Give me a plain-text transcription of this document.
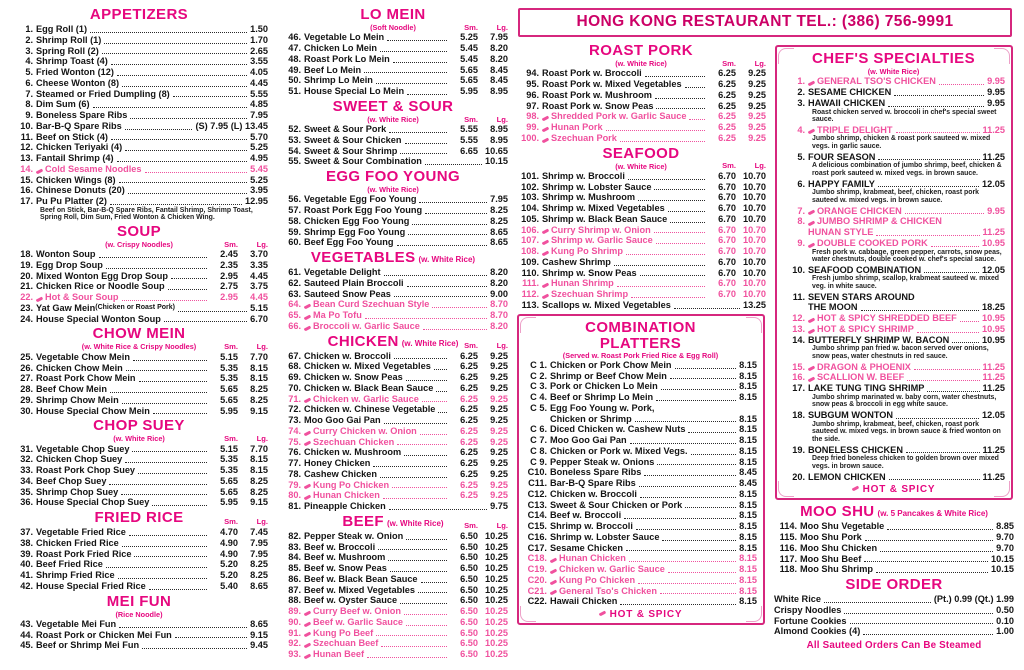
APPETIZERS
1. Egg Roll (1)	1.50
2. Shrimp Roll (1)	1.70
3. Spring Roll (2)	2.65
4. Shrimp Toast (4)	3.55
5. Fried Wonton (12)	4.05
6. Cheese Wonton (8)	4.45
7. Steamed or Fried Dumpling (8)	5.55
8. Dim Sum (6)	4.85
9. Boneless Spare Ribs	7.95
10. Bar-B-Q Spare Ribs	(S) 7.95 (L) 13.45
11. Beef on Stick (4)	5.70
12. Chicken Teriyaki (4)	5.25
13. Fantail Shrimp (4)	4.95
14. Cold Sesame Noodles	5.45
15. Chicken Wings (8)	5.25
16. Chinese Donuts (20)	3.95
17. Pu Pu Platter (2)	12.95
Beef on Stick, Bar-B-Q Spare Ribs, Fantail Shrimp, Shrimp Toast, Spring Roll, Dim Sum, Fried Wonton & Chicken Wing.
SOUP
(w. Crispy Noodles)	Sm. Lg.
18. Wonton Soup	2.45	3.70
19. Egg Drop Soup	2.35	3.35
20. Mixed Wonton Egg Drop Soup	2.95	4.45
21. Chicken Rice or Noodle Soup	2.75	3.75
22. Hot & Sour Soup	2.95	4.45
23. Yat Gaw Mein (Chicken or Roast Pork)	5.15
24. House Special Wonton Soup	6.70
CHOW MEIN
(w. White Rice & Crispy Noodles)	Sm. Lg.
25. Vegetable Chow Mein	5.15	7.70
26. Chicken Chow Mein	5.35	8.15
27. Roast Pork Chow Mein	5.35	8.15
28. Beef Chow Mein	5.65	8.25
29. Shrimp Chow Mein	5.65	8.25
30. House Special Chow Mein	5.95	9.15
CHOP SUEY
(w. White Rice)	Sm. Lg.
31. Vegetable Chop Suey	5.15	7.70
32. Chicken Chop Suey	5.35	8.15
33. Roast Pork Chop Suey	5.35	8.15
34. Beef Chop Suey	5.65	8.25
35. Shrimp Chop Suey	5.65	8.25
36. House Special Chop Suey	5.95	9.15
FRIED RICE	Sm. Lg.
37. Vegetable Fried Rice	4.70	7.45
38. Chicken Fried Rice	4.90	7.95
39. Roast Pork Fried Rice	4.90	7.95
40. Beef Fried Rice	5.20	8.25
41. Shrimp Fried Rice	5.20	8.25
42. House Special Fried Rice	5.40	8.65
MEI FUN
(Rice Noodle)
43. Vegetable Mei Fun	8.65
44. Roast Pork or Chicken Mei Fun	9.15
45. Beef or Shrimp Mei Fun	9.45
LO MEIN
(Soft Noodle)	Sm. Lg.
46. Vegetable Lo Mein	5.25	7.95
47. Chicken Lo Mein	5.45	8.20
48. Roast Pork Lo Mein	5.45	8.20
49. Beef Lo Mein	5.65	8.45
50. Shrimp Lo Mein	5.65	8.45
51. House Special Lo Mein	5.95	8.95
SWEET & SOUR
(w. White Rice)	Sm. Lg.
52. Sweet & Sour Pork	5.55	8.95
53. Sweet & Sour Chicken	5.55	8.95
54. Sweet & Sour Shrimp	6.65 10.65
55. Sweet & Sour Combination	10.15
EGG FOO YOUNG
(w. White Rice)
56. Vegetable Egg Foo Young	7.95
57. Roast Pork Egg Foo Young	8.25
58. Chicken Egg Foo Young	8.25
59. Shrimp Egg Foo Young	8.65
60. Beef Egg Foo Young	8.65
VEGETABLES (w. White Rice)
61. Vegetable Delight	8.20
62. Sauteed Plain Broccoli	8.20
63. Sauteed Snow Peas	9.00
64. Bean Curd Szechuan Style	8.70
65. Ma Po Tofu	8.70
66. Broccoli w. Garlic Sauce	8.20
CHICKEN (w. White Rice) Sm. Lg.
67. Chicken w. Broccoli	6.25	9.25
68. Chicken w. Mixed Vegetables	6.25	9.25
69. Chicken w. Snow Peas	6.25	9.25
70. Chicken w. Black Bean Sauce	6.25	9.25
71. Chicken w. Garlic Sauce	6.25	9.25
72. Chicken w. Chinese Vegetable	6.25	9.25
73. Moo Goo Gai Pan	6.25	9.25
74. Curry Chicken w. Onion	6.25	9.25
75. Szechuan Chicken	6.25	9.25
76. Chicken w. Mushroom	6.25	9.25
77. Honey Chicken	6.25	9.25
78. Cashew Chicken	6.25	9.25
79. Kung Po Chicken	6.25	9.25
80. Hunan Chicken	6.25	9.25
81. Pineapple Chicken	9.75
BEEF (w. White Rice)	Sm. Lg.
82. Pepper Steak w. Onion	6.50 10.25
83. Beef w. Broccoli	6.50 10.25
84. Beef w. Mushroom	6.50 10.25
85. Beef w. Snow Peas	6.50 10.25
86. Beef w. Black Bean Sauce	6.50 10.25
87. Beef w. Mixed Vegetables	6.50 10.25
88. Beef w. Oyster Sauce	6.50 10.25
89. Curry Beef w. Onion	6.50 10.25
90. Beef w. Garlic Sauce	6.50 10.25
91. Kung Po Beef	6.50 10.25
92. Szechuan Beef	6.50 10.25
93. Hunan Beef	6.50 10.25
HONG KONG RESTAURANT TEL.: (386) 756-9991
ROAST PORK
(w. White Rice)	Sm. Lg.
94. Roast Pork w. Broccoli	6.25	9.25
95. Roast Pork w. Mixed Vegetables	6.25	9.25
96. Roast Pork w. Mushroom	6.25	9.25
97. Roast Pork w. Snow Peas	6.25	9.25
98. Shredded Pork w. Garlic Sauce	6.25	9.25
99. Hunan Pork	6.25	9.25
100. Szechuan Pork	6.25	9.25
SEAFOOD
(w. White Rice)	Sm. Lg.
101. Shrimp w. Broccoli	6.70 10.70
102. Shrimp w. Lobster Sauce	6.70 10.70
103. Shrimp w. Mushroom	6.70 10.70
104. Shrimp w. Mixed Vegetables	6.70 10.70
105. Shrimp w. Black Bean Sauce	6.70 10.70
106. Curry Shrimp w. Onion	6.70 10.70
107. Shrimp w. Garlic Sauce	6.70 10.70
108. Kung Po Shrimp	6.70 10.70
109. Cashew Shrimp	6.70 10.70
110. Shrimp w. Snow Peas	6.70 10.70
111. Hunan Shrimp	6.70 10.70
112. Szechuan Shrimp	6.70 10.70
113. Scallops w. Mixed Vegetables	13.25
COMBINATION
PLATTERS
(Served w. Roast Pork Fried Rice & Egg Roll)
C 1. Chicken or Pork Chow Mein	8.15
C 2. Shrimp or Beef Chow Mein	8.15
C 3. Pork or Chicken Lo Mein	8.15
C 4. Beef or Shrimp Lo Mein	8.15
C 5. Egg Foo Young w. Pork,
Chicken or Shrimp	8.15
C 6. Diced Chicken w. Cashew Nuts	8.15
C 7. Moo Goo Gai Pan	8.15
C 8. Chicken or Pork w. Mixed Vegs.	8.15
C 9. Pepper Steak w. Onions	8.15
C10. Boneless Spare Ribs	8.45
C11. Bar-B-Q Spare Ribs	8.45
C12. Chicken w. Broccoli	8.15
C13. Sweet & Sour Chicken or Pork	8.15
C14. Beef w. Broccoli	8.15
C15. Shrimp w. Broccoli	8.15
C16. Shrimp w. Lobster Sauce	8.15
C17. Sesame Chicken	8.15
C18. Hunan Chicken	8.15
C19. Chicken w. Garlic Sauce	8.15
C20. Kung Po Chicken	8.15
C21. General Tso's Chicken	8.15
C22. Hawaii Chicken	8.15
HOT & SPICY
CHEF'S SPECIALTIES
(w. White Rice)
1. GENERAL TSO'S CHICKEN	9.95
2. SESAME CHICKEN	9.95
3. HAWAII CHICKEN	9.95
Roast chicken served w. broccoli in chef's special sweet sauce.
4. TRIPLE DELIGHT	11.25
Jumbo shrimp, chicken & roast pork sauteed w. mixed vegs. in garlic sauce.
5. FOUR SEASON	11.25
A delicious combination of jumbo shrimp, beef, chicken & roast pork sauteed w. mixed vegs. in brown sauce.
6. HAPPY FAMILY	12.05
Jumbo shrimp, krabmeat, beef, chicken, roast pork sauteed w. mixed vegs. in brown sauce.
7. ORANGE CHICKEN	9.95
8. JUMBO SHRIMP & CHICKEN
HUNAN STYLE	11.25
9. DOUBLE COOKED PORK	10.95
Fresh pork w. cabbage, green pepper, carrots, snow peas, water chestnuts, double cooked w. chef's special sauce.
10. SEAFOOD COMBINATION	12.05
Fresh jumbo shrimp, scallop, krabmeat sauteed w. mixed veg. in white sauce.
11. SEVEN STARS AROUND
THE MOON	18.25
12. HOT & SPICY SHREDDED BEEF	10.95
13. HOT & SPICY SHRIMP	10.95
14. BUTTERFLY SHRIMP W. BACON	10.95
Jumbo shrimp pan fried w. bacon served over onions, snow peas, water chestnuts in red sauce.
15. DRAGON & PHOENIX	11.25
16. SCALLION W. BEEF	11.25
17. LAKE TUNG TING SHRIMP	11.25
Jumbo shrimp marinated w. baby corn, water chestnuts, snow peas & broccoli in egg white sauce.
18. SUBGUM WONTON	12.05
Jumbo shrimp, krabmeat, beef, chicken, roast pork sauteed w. mixed vegs. in brown sauce & fried wonton on the side.
19. BONELESS CHICKEN	11.25
Deep fried boneless chicken to golden brown over mixed vegs. in brown sauce.
20. LEMON CHICKEN	11.25
HOT & SPICY
MOO SHU (w. 5 Pancakes & White Rice)
114. Moo Shu Vegetable	8.85
115. Moo Shu Pork	9.70
116. Moo Shu Chicken	9.70
117. Moo Shu Beef	10.15
118. Moo Shu Shrimp	10.15
SIDE ORDER
White Rice	(Pt.) 0.99 (Qt.) 1.99
Crispy Noodles	0.50
Fortune Cookies	0.10
Almond Cookies (4)	1.00
All Sauteed Orders Can Be Steamed
